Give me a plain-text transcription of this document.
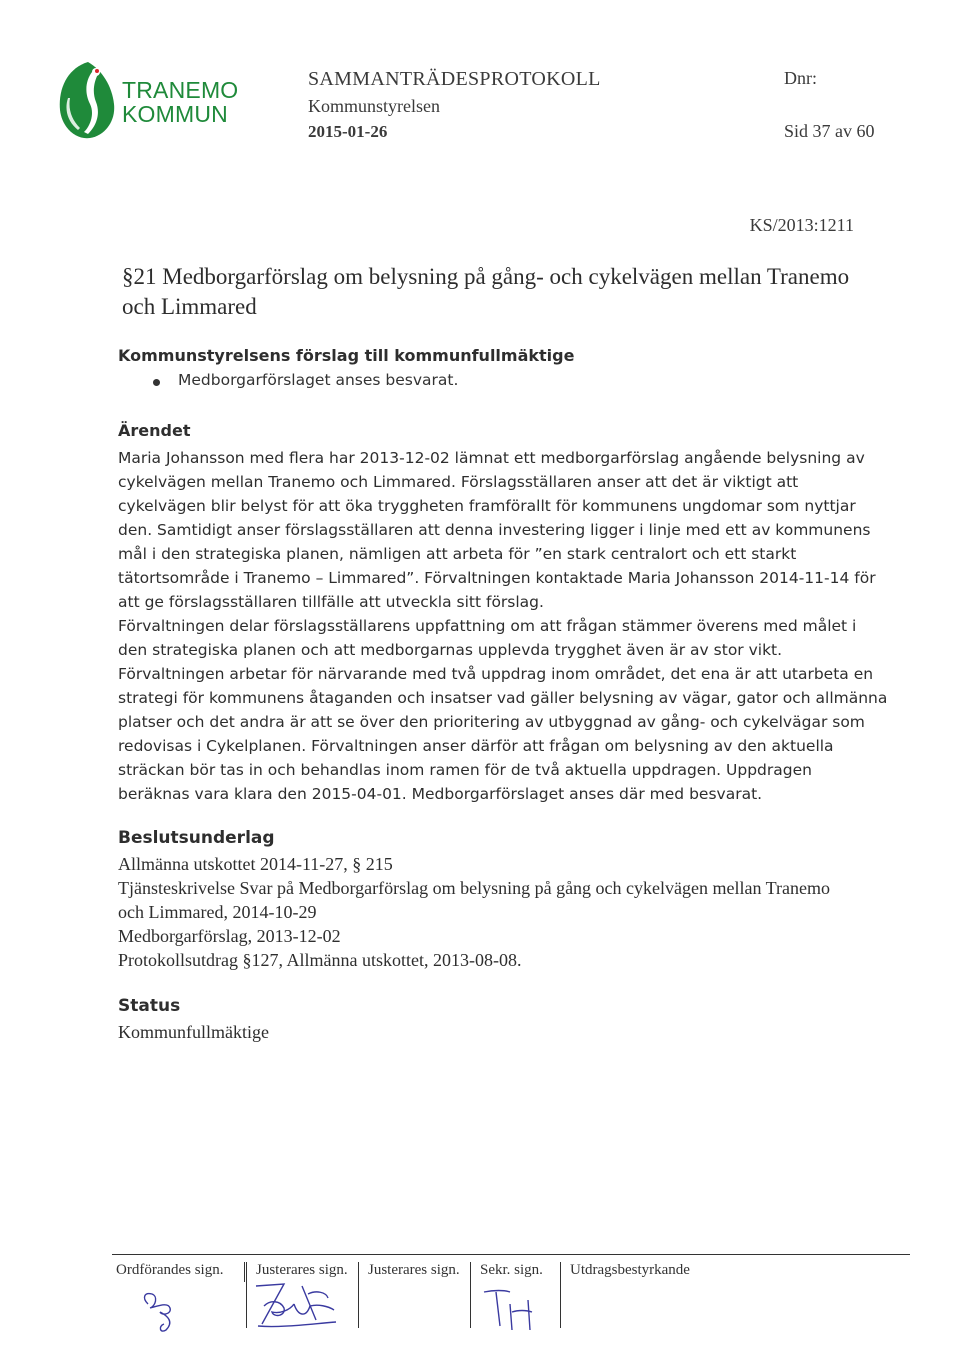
TRANEMO
KOMMUN
SAMMANTRÄDESPROTOKOLL
Kommunstyrelsen
2015-01-26
Dnr:
Sid 37 av 60
KS/2013:1211
§21 Medborgarförslag om belysning på gång- och cykelvägen mellan Tranemo och Limmared
Kommunstyrelsens förslag till kommunfullmäktige
Medborgarförslaget anses besvarat.
Ärendet

Maria Johansson med flera har 2013-12-02 lämnat ett medborgarförslag angående belysning av cykelvägen mellan Tranemo och Limmared. Förslagsställaren anser att det är viktigt att cykelvägen blir belyst för att öka tryggheten framförallt för kommunens ungdomar som nyttjar den. Samtidigt anser förslagsställaren att denna investering ligger i linje med ett av kommunens mål i den strategiska planen, nämligen att arbeta för ”en stark centralort och ett starkt tätortsområde i Tranemo – Limmared”. Förvaltningen kontaktade Maria Johansson 2014-11-14 för att ge förslagsställaren tillfälle att utveckla sitt förslag.

Förvaltningen delar förslagsställarens uppfattning om att frågan stämmer överens med målet i den strategiska planen och att medborgarnas upplevda trygghet även är av stor vikt.

Förvaltningen arbetar för närvarande med två uppdrag inom området, det ena är att utarbeta en strategi för kommunens åtaganden och insatser vad gäller belysning av vägar, gator och allmänna platser och det andra är att se över den prioritering av utbyggnad av gång- och cykelvägar som redovisas i Cykelplanen. Förvaltningen anser därför att frågan om belysning av den aktuella sträckan bör tas in och behandlas inom ramen för de två aktuella uppdragen. Uppdragen beräknas vara klara den 2015-04-01. Medborgarförslaget anses där med besvarat.

Beslutsunderlag
Allmänna utskottet 2014-11-27, § 215
Tjänsteskrivelse Svar på Medborgarförslag om belysning på gång och cykelvägen mellan Tranemo och Limmared, 2014-10-29
Medborgarförslag, 2013-12-02
Protokollsutdrag §127, Allmänna utskottet, 2013-08-08.
Status
Kommunfullmäktige
Ordförandes sign. Justerares sign. Justerares sign. Sekr. sign. Utdragsbestyrkande
